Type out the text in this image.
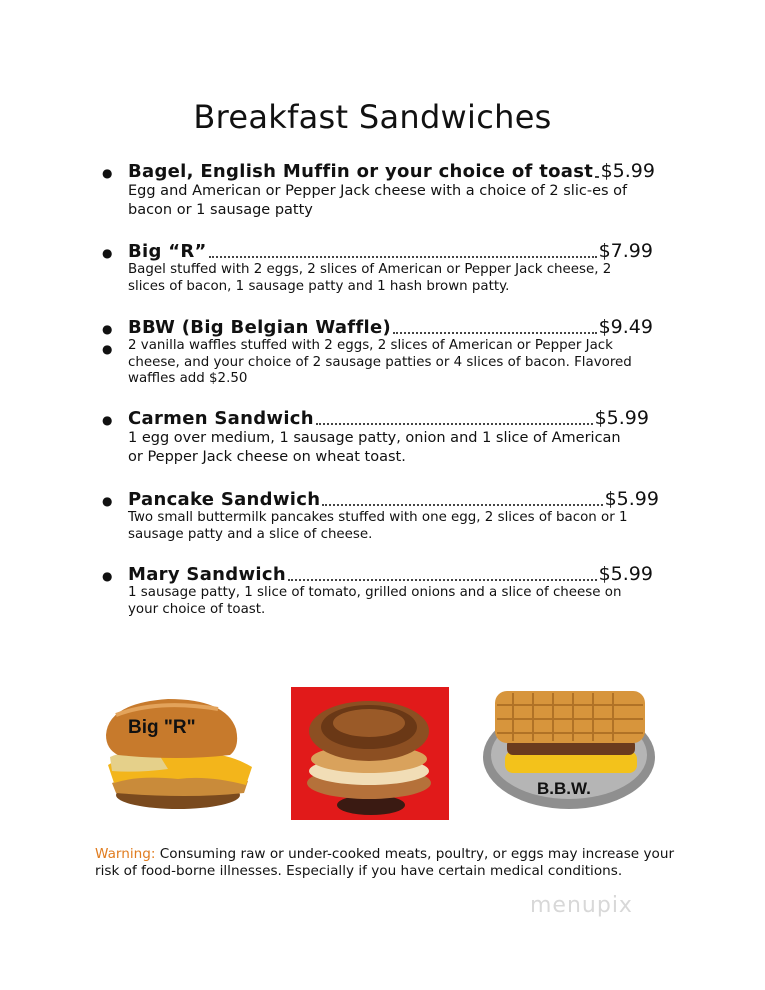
Breakfast Sandwiches
● Bagel, English Muffin or your choice of toast $5.99
Egg and American or Pepper Jack cheese with a choice of 2 slic-es of bacon or 1 sausage patty
● Big “R”	$7.99
Bagel stuffed with 2 eggs, 2 slices of American or Pepper Jack cheese, 2 slices of bacon, 1 sausage patty and 1 hash brown patty.
● BBW (Big Belgian Waffle)	$9.49
● 2 vanilla waffles stuffed with 2 eggs, 2 slices of American or Pepper Jack cheese, and your choice of 2 sausage patties or 4 slices of bacon. Flavored waffles add $2.50
● Carmen Sandwich	$5.99
1 egg over medium, 1 sausage patty, onion and 1 slice of American or Pepper Jack cheese on wheat toast.
● Pancake Sandwich	$5.99
Two small buttermilk pancakes stuffed with one egg, 2 slices of bacon or 1 sausage patty and a slice of cheese.
● Mary Sandwich	$5.99
1 sausage patty, 1 slice of tomato, grilled onions and a slice of cheese on your choice of toast.
Big "R"
B.B.W.
Warning: Consuming raw or under-cooked meats, poultry, or eggs may increase your risk of food-borne illnesses. Especially if you have certain medical conditions.
menupix
